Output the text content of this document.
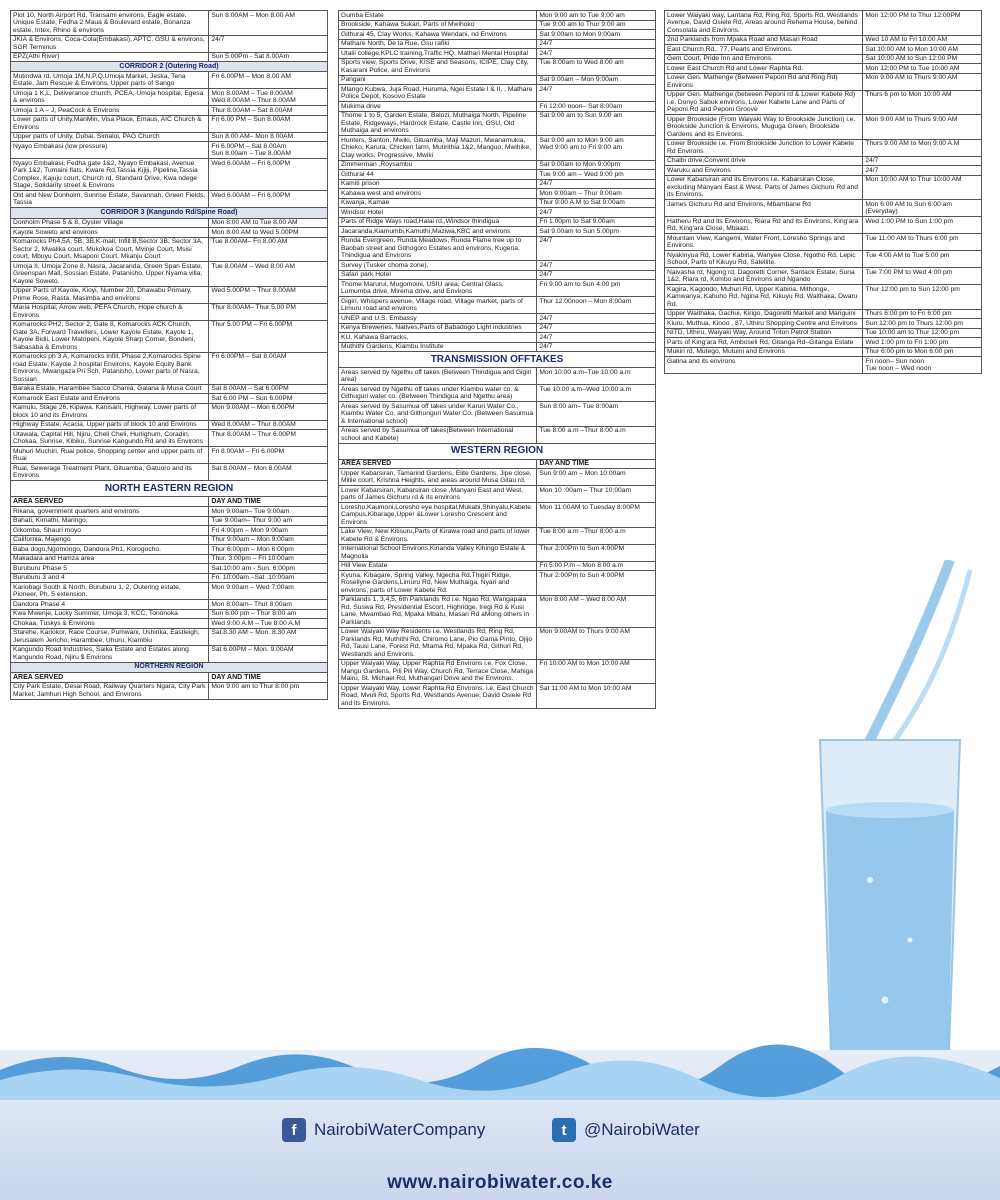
Plot 10, North Airport Rd, Transami environs, Eagle estate, Unique Estate, Fedha 2 Maua & Boulevard estate, Bonanza estate, Intex, Rhino & environs	Sun 8.00AM – Mon 8.00 AM
JKIA & Environs, Coca-Cola(Embakasi), APTC, GSU & environs, SGR Terminus	24/7
EPZ(Athi River)	Sun 5.00Pm - Sat 8.00Am
CORRIDOR 2 (Outering Road)	
Mutindwa rd, Umoja 1M,N,P,Q,Umoja Market, Jeska, Tena Estate, Jam Rescue & Environs, Upper parts of Sango	Fri 6.00PM – Mon 8.00 AM
Umoja 1 K,L, Deliverance church, PCEA, Umoja hospital, Egesa & environs	Mon 8.00AM – Tue 8.00AM
Wed 8.00AM – Thur 8.00AM
Umoja 1 A – J, PeaCock & Environs	Thur 8.00AM – Sat 8.00AM
Lower parts of Unity,ManMin, Visa Place, Emaus, AIC Church & Environs	Fri 6.00 PM – Sun 8.00AM
Upper parts of Unity, Dubai, Simaloi, PAG Church	Sun 8.00 AM– Mon 8.00AM
Nyayo Embakasi (low pressure)	Fri 6.00PM – Sat 8.00Am
Sun 8.00am – Tue 8.00AM
Nyayo Embakasi, Fedha gate 1&2, Nyayo Embakasi, Avenue Park 1&2, Tumaini flats, Kware Rd,Tassia Kijiji, Pipeline,Tassia Complex, Kajuju court, Church rd, Standard Drive, Kwa ndege Stage, Solidarity street & Environs	Wed 6.00AM – Fri 6.00PM
Old and New Donholm, Sunrise Estate, Savannah, Green Fields, Tassia	Wed 6.00AM – Fri 6.00PM
CORRIDOR 3 (Kangundo Rd/Spine Road)	
Donholm Phase 5 & 8, Oyster Village	Mon 8:00 AM to Tue 8.00 AM
Kayole Soweto and environs	Mon 8:00 AM to Wed 5.00PM
Komarocks Ph4,5A, 5B, 3B,K-mall, Infill B,Sector 3B, Sector 3A, Sector 2, Mwalika court, Mukokoa Court, Mvinje Court, Msisi court, Mbuyu Court, Msaponi Court, Mkanju Court	Tue 8.00AM– Fri 8.00 AM
Umoja II, Umoja Zone 8, Nasra, Jacaranda, Green Span Estate, Greenspan Mall, Sossian Estate, Patanisho, Upper Nyama villa, Kayole Soweto.	Tue 8.00AM – Wed 8.00 AM
Upper Parts of Kayole, Kioyi, Number 20, Dhawabu Primary, Prime Rose, Rasta, Masimba and environs	Wed 5.00PM – Thur 8.00AM
Maria Hospital, Arrow web, PEFA Church, Hope church & Environs	Thur 8.00AM– Thur 5.00 PM
Komarocks PH2, Sector 2, Gate 8, Komarocks ACK Church, Gate 3A, Forward Travellers, Lower Kayole Estate, Kayole 1, Kayole Bidii, Lower Matopeni, Kayole Sharp Corner, Bondeni, Sabasaba & Environs	Thur 5.00 PM – Fri 6.00PM
Komarocks ph 3 A, Komarocks Infill, Phase 2,Komarocks Spine road Estate, Kayole 2 hospital Environs, Kayole Equity Bank Environs, Mwangaza Pri Sch, Patanisho, Lower parts of Nasra, Sossian	Fri 6:00PM – Sat 8.00AM
Baraka Estate, Harambee Sacco Chania, Galana & Musa Court	Sat 8.00AM – Sat 6.00PM
Komarock East Estate and Environs	Sat 6.00 PM – Sun 6.00PM
Kamulu, Stage 26, Kipawa, Kanisani, Highway, Lower parts of block 10 and its Environs	Mon 9.00AM – Mon 6.00PM
Highway Estate, Acacia, Upper parts of block 10 and Environs	Wed 8.00AM – Thur 8.00AM
Utawala, Capital Hill, Njiru, Cheli Cheli, Hurlighum, Coradin, Chokaa, Sunrise, Kibiku, Sunrise Kangundo Rd and its Environs	Thur 8.00AM – Thur 6.00PM
Muhuri Muchiri, Ruai police, Shopping center and upper parts of Ruai	Fri 8.00AM – Fri 6.00PM
Ruai, Sewerage Treatment Plant, Gituamba, Gatuoro and its Environs	Sat 8.00AM – Mon 8.00AM
NORTH EASTERN REGION	
AREA SERVED	DAY AND TIME
Rikana, government quarters and environs	Mon 9:00am– Tue 9:00am
Bahati, Kimathi, Maringo,	Tue 9:00am– Thur 9:00 am
Gikomba, Shauri moyo	Fri 4:00pm – Mon 9:00am
California, Majengo	Thur 9:00am – Mon 9:00am
Baba dogo,Ngomongo, Dandora Ph1, Korogocho.	Thur 6:00pm – Mon 6:00pm
Makadara and Hamza area	Thur. 3:00pm – Fri 10:00am
Buruburu Phase 5	Sat.10:00 am - Sun. 6:00pm
Buruburu 3 and 4	Fri. 10:00am –Sat .10:00am
Kariobagi South & North, Buruburu 1, 2, Outering estate, Pioneer, Ph. 5 extension.	Mon 9:00am – Wed 7:00am
Dandora Phase 4	Mon 8:00am– Thur 8:00am
Kwa Mwenje, Lucky Summer, Umoja 3, KCC, Tononoka	Sun 6:00 pm – Thur 8:00 am
Chokaa, Tuskys & Environs	Wed 9:00 A.M – Tue 8:00 A.M
Starehe, Kariokor, Race Course, Pumwani, Ushirika, Eastleigh, Jerusalem Jericho, Harambee, Uhuru, Kiambiu	Sat.8.30 AM – Mon. 8.30 AM
Kangundo Road Industries, Saika Estate and Estates along Kangundo Road, Njiru $ Environs	Sat 6.00PM – Mon. 9.00AM
NORTHERN REGION	
AREA SERVED	DAY AND TIME
City Park Estate, Desai Road, Railway Quarters Ngara, City Park Market, Jamhuri High School, and Environs	Mon 9:00 am to Thur 8:00 pm
Gumba Estate	Mon 9:00 am to Tue 9:00 am
Brookside, Kahawa Sukari, Parts of Mwihoko	Tue 9:00 am to Thur 9:00 am
Githurai 45, Clay Works, Kahawa Wendani, nd Environs	Sat 9:00am to Mon 9:00am
Mathare North, De la Rue, Gsu rafiki	24/7
Utalii college,KPLC training,Traffic HQ, Mathari Mental Hospital	24/7
Sports view, Sports Drive, KISE and Seasons, ICIPE, Clay City, Kasarani Police, and Environs	Tue 8:00am to Wed 8:00 am
Pangani	Sat 9:00am – Mon 9:00am
Mlango Kubwa, Juja Road, Huruma, Ngei Estate I & II, , Mathare Police Depot, Kosovo Estate	24/7
Mukima drive	Fri 12:00 noon– Sat 8:00am
Thome 1 to 5, Garden Estate, Balozi, Muthaiga North, Pipeline Estate, Ridgeways, Hardrock Estate, Castle Inn, GSU, Old Muthaiga and environs	Sat 9:00 am to Sun 9:00 am
Hunters, Santon, Mwiki, Gituamba, Maji Mazuri, Mwanamukia, Chieko, Karura, Chicken farm, Mutirithia 1&2, Manguo, Mwihike, Clay works, Progressive, Mwiki	Sat 9:00 am to Mon 9:00 am
Wed 9:00 am to Fri 9:00 am
Zimmerman ,Roysambu	Sat 9:00am to Mon 9:00pm
Githurai 44	Tue 9:00 am – Wed 9:00 pm
Kamiti prison	24/7
Kahawa west and environs	Mon 9:00am – Thur 9:00am
Kiwanja, Kamae	Thur 9:00 A.M to Sat 9:00am
Windsor Hotel	24/7
Parts of Ridge Ways road,Halai rd,,Windsor thindigua	Fri 1.00pm to Sat 9.00am
Jacaranda,Kiamumbi,Kamuthi,Maziwa,KBC and environs	Sat 9.00am to Sun 5.00pm
Runda Evergreen, Runda Meadows, Runda Flame tree up to Baobab street and Githogoro Estates and environs, Kugeria, Thindigua and Environs	24/7
Survey (Tusker choma zone),	24/7
Safari park Hotel	24/7
Thome Marurui, Mugomoini, USIU area, Central Glass, Lumumba drive, Mirema drive, and Environs	Fri 9:00 am to Sun 4:00 pm
Gigiri, Whispers avenue, Village road, Village market, parts of Limuru road and environs	Thur 12:00noon – Mon 8:00am
UNEP and U.S. Embassy	24/7
Kenya Breweries, Natives,Parts of Babadogo Light industries	24/7
KU, Kahawa Barracks,	24/7
Muthithi Gardens, Kiambu Institute	24/7
TRANSMISSION OFFTAKES	
Areas served by Ngethu off takes (Between Thindigua and Gigiri area)	Mon 10:00 a.m–Tue 10:00 a.m
Areas served by Ngethu off takes under Kiambu water co. & Githuguri water co. (Between Thindigua and Ngethu area)	Tue 10:00 a.m–Wed 10:00 a.m
Areas served by Sasumua off takes under Karuri Water Co., Kiambu Water Co. and Githunguri Water Co. (Between Sasumua & International school)	Sun 8:00 am– Tue 8:00am
Areas served by Sasumua off takes(Between International school and Kabete)	Tue 8:00 a.m –Thur 8:00 a.m
WESTERN REGION	
AREA SERVED	DAY AND TIME
Upper Kabarsiran, Tamarind Gardens, Elite Gardens, Jipe close, Millie court, Krishna Heights, and areas around Musa Gitau rd.	Sun 9:00 am – Mon 10:00am
Lower Kabarsiran, Kabarsiran close ,Manyani East and West, parts of James Gichuru rd & its environs	Mon 10 :00am – Thur 10:00am
Loresho,Kaumoni,Loresho eye hospital,Mukabi,Shinyalu,Kabete Campus,Kibarage,Upper &Lower Loresho Crescent and Environs	Mon 11:00AM to Tuesday 8:00PM
Lake View, New Kitisuru,Parts of Kirawa road and parts of lower Kabete Rd & Environs.	Tue 8:00 a.m –Thur 8:00 a.m
International School Environs,Kinanda Valley Kihingo Estate & Magnolia	Thur 2:00Pm to Sun 4:00PM
Hill View Estate	Fri 5:00 P.m – Mon 8:00 a.m
Kyuna, Kibagare, Spring Valley, Ngecha Rd,Thigiri Ridge, Rosellyne Gardens,Limuru Rd, New Muthaiga, Nyari and environs, parts of Lower Kabete Rd.	Thur 2:00Pm to Sun 4:00PM
Parklands 1, 3,4,5, 6th Parklands Rd i.e. Ngao Rd, Wangapala Rd, Suswa Rd, Presidential Escort, Highridge, Iregi Rd & Kusi Lane, Mwambao Rd, Mpaka Mbatu, Masari Rd aMong others in Parklands	Mon 8:00 AM – Wed 8:00 AM
Lower Waiyaki Way Residents i.e. Westlands Rd, Ring Rd, Parklands Rd, Muthithi Rd, Chiromo Lane, Pio Gama Pinto, Ojijo Rd, Tausi Lane, Forest Rd, Mtama Rd, Mpaka Rd, Githuri Rd, Westlands and Environs.	Mon 9:00AM to Thurs 9:00 AM
Upper Waiyaki Way, Upper Raphta Rd Environs i.e. Fox Close, Mangu Gardens, Pili Pili Way, Church Rd, Terrace Close, Mahiga Mairu, St. Michael Rd, Muthangari Drive and the Environs.	Fri 10:00 AM to Mon 10:00 AM
Upper Waiyaki Way, Lower Raphta Rd Environs. i.e. East Church Road, Mvuli Rd, Sports Rd, Westlands Avenue, David Osiele Rd and its Environs.	Sat 11:00 AM to Mon 10:00 AM
Lower Waiyaki way, Lantana Rd, Ring Rd, Sports Rd, Westlands Avenue, David Osiele Rd, Areas around Rehema House, behind Consolata and Environs.	Mon 12:00 PM to Thur 12:00PM
2nd Parklands from Mpaka Road and Masari Road	Wed 10 AM to Fri 10:00 AM
East Church Rd., 77, Pearls and Environs.	Sat 10:00 AM to Mon 10:00 AM
Gem Court, Pride Inn and Environs.	Sat 10:00 AM to Sun 12:00 PM
Lower East Church Rd and Lower Raphta Rd.	Mon 12:00 PM to Tue 10:00 AM
Lower Gen. Mathenge (Between Peponi Rd and Ring Rd) Environs	Mon 9:00 AM to Thurs 9:00 AM
Upper Gen. Mathenge (between Peponi rd & Lower Kabete Rd) i.e. Donyo Sabuk environs, Lower Kabete Lane and Parts of Peponi Rd and Peponi Groove	Thurs 6 pm to Mon 10:00 AM
Upper Brookside (From Waiyaki Way to Brookside Junction) i.e. Brookside Junction & Environs, Muguga Green, Brookside Gardens and its Environs.	Mon 9:00 AM to Thurs 9:00 AM
Lower Brookside i.e. From Brookside Junction to Lower Kabete Rd Environs	Thurs 9:00 AM to Mon 9:00 A.M
Chalbi drive,Convent drive	24/7
Waruku and Environs	24/7
Lower Kabarsiran and its Environs i.e. Kabarsiran Close, excluding Manyani East & West, Parts of James Gichuru Rd and its Environs.	Mon 10:00 AM to Thur 10:00 AM
James Gichuru Rd and Environs, Mbambane Rd	Mon 6:00 AM to Sun 6:00 am (Everyday)
Hatheru Rd and its Environs, Riara Rd and its Environs, King'ara Rd, King'ara Close, Mbaazi.	Wed 1:00 PM to Sun 1:00 pm
Mountain View, Kangemi, Water Front, Loresho Springs and Environs.	Tue 11:00 AM to Thurs 6:00 pm
Nyakinyua Rd, Lower Kabiria, Wanyee Close, Ngotho Rd, Lepic School, Parts of Kikuyu Rd, Satellite.	Tue 4:00 AM to Tue 5:00 pm
Naivasha rd, Ngong rd, Dagoretti Corner, Santack Estate, Suna 1&2, Riara rd, Kombo and Environs and Ngando	Tue 7:00 PM to Wed 4:00 pm
Kagira, Kagondo, Muhuri Rd, Upper Kabiria, Mithonge, Kamwanya, Kahuho Rd, Ngina Rd, Kikuyu Rd, Waithaka, Dwaru Rd.	Thur 12:00 pm to Sun 12:00 pm
Upper Waithaka, Gachui, Kirigo, Dagoretti Market and Mariguini	Thurs 6:00 pm to Fri 6:00 pm
Kiuru, Muthua, Kinoo , 87, Uthiru Shopping Centre and Environs	Sun 12:00 pm to Thurs 12:00 pm
NITD, Uthiru, Waiyaki Way, Around Triton Petrol Station	Tue 10:00 am to Thur 12:00 pm
Parts of King'ara Rd, Amboseli Rd, Gitanga Rd–Gitanga Estate	Wed 1:00 pm to Fri 1:00 pm
Mukiri rd, Mutego, Mutuini and Environs	Thur 6:00 pm to Mon 6:00 pm
Gatina and its environs	Fri noon– Sun noon
Tue noon – Wed noon
f	NairobiWaterCompany	t	@NairobiWater
www.nairobiwater.co.ke
